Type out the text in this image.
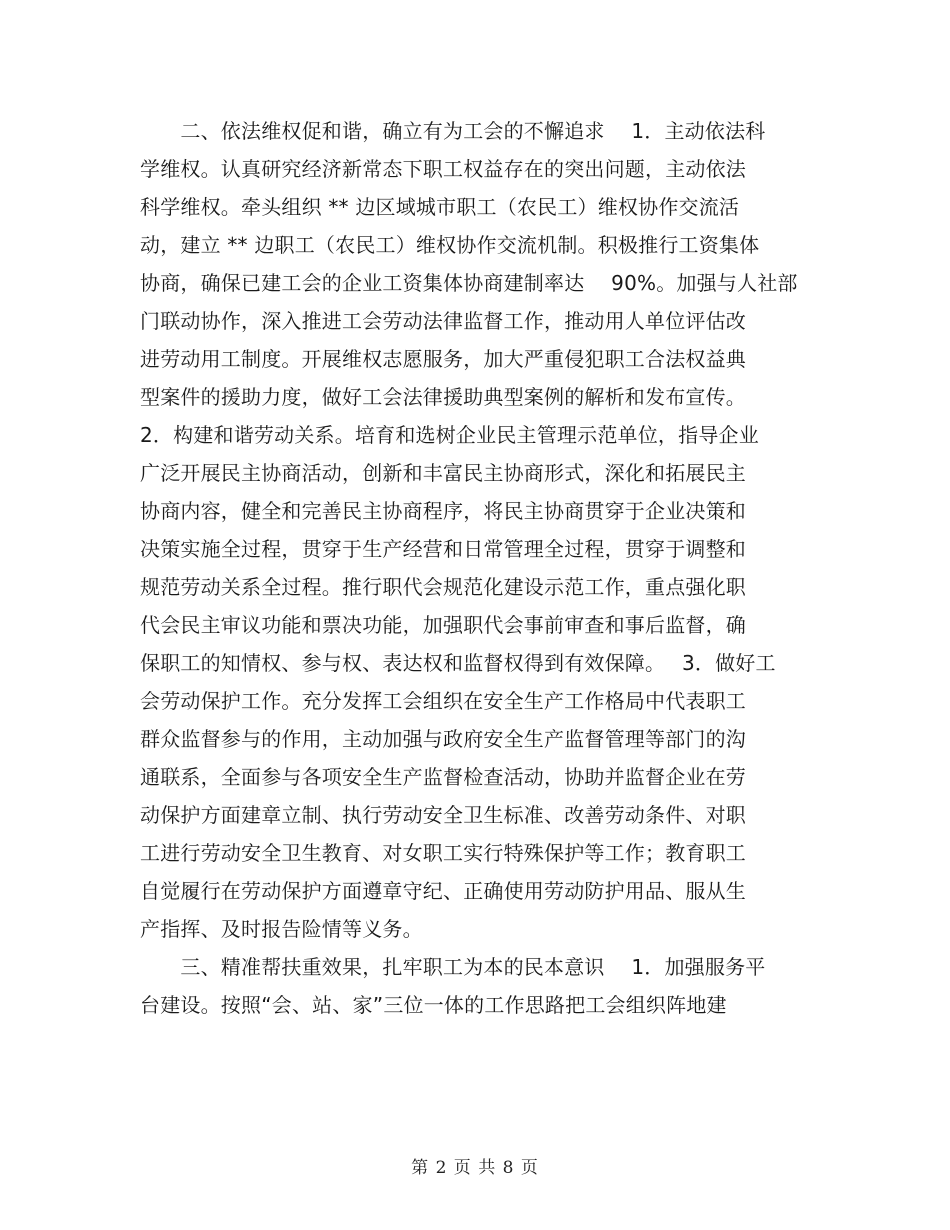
　　二、依法维权促和谐，确立有为工会的不懈追求　 1．主动依法科
学维权。认真研究经济新常态下职工权益存在的突出问题，主动依法
科学维权。牵头组织 ** 边区域城市职工（农民工）维权协作交流活
动，建立 ** 边职工（农民工）维权协作交流机制。积极推行工资集体
协商，确保已建工会的企业工资集体协商建制率达　 90%。加强与人社部
门联动协作，深入推进工会劳动法律监督工作，推动用人单位评估改
进劳动用工制度。开展维权志愿服务，加大严重侵犯职工合法权益典
型案件的援助力度，做好工会法律援助典型案例的解析和发布宣传。
2．构建和谐劳动关系。培育和选树企业民主管理示范单位，指导企业
广泛开展民主协商活动，创新和丰富民主协商形式，深化和拓展民主
协商内容，健全和完善民主协商程序，将民主协商贯穿于企业决策和
决策实施全过程，贯穿于生产经营和日常管理全过程，贯穿于调整和
规范劳动关系全过程。推行职代会规范化建设示范工作，重点强化职
代会民主审议功能和票决功能，加强职代会事前审查和事后监督，确
保职工的知情权、参与权、表达权和监督权得到有效保障。　 3．做好工
会劳动保护工作。充分发挥工会组织在安全生产工作格局中代表职工
群众监督参与的作用，主动加强与政府安全生产监督管理等部门的沟
通联系，全面参与各项安全生产监督检查活动，协助并监督企业在劳
动保护方面建章立制、执行劳动安全卫生标准、改善劳动条件、对职
工进行劳动安全卫生教育、对女职工实行特殊保护等工作；教育职工
自觉履行在劳动保护方面遵章守纪、正确使用劳动防护用品、服从生
产指挥、及时报告险情等义务。
　　三、精准帮扶重效果，扎牢职工为本的民本意识　 1．加强服务平
台建设。按照“会、站、家”三位一体的工作思路把工会组织阵地建
第 2 页 共 8 页
